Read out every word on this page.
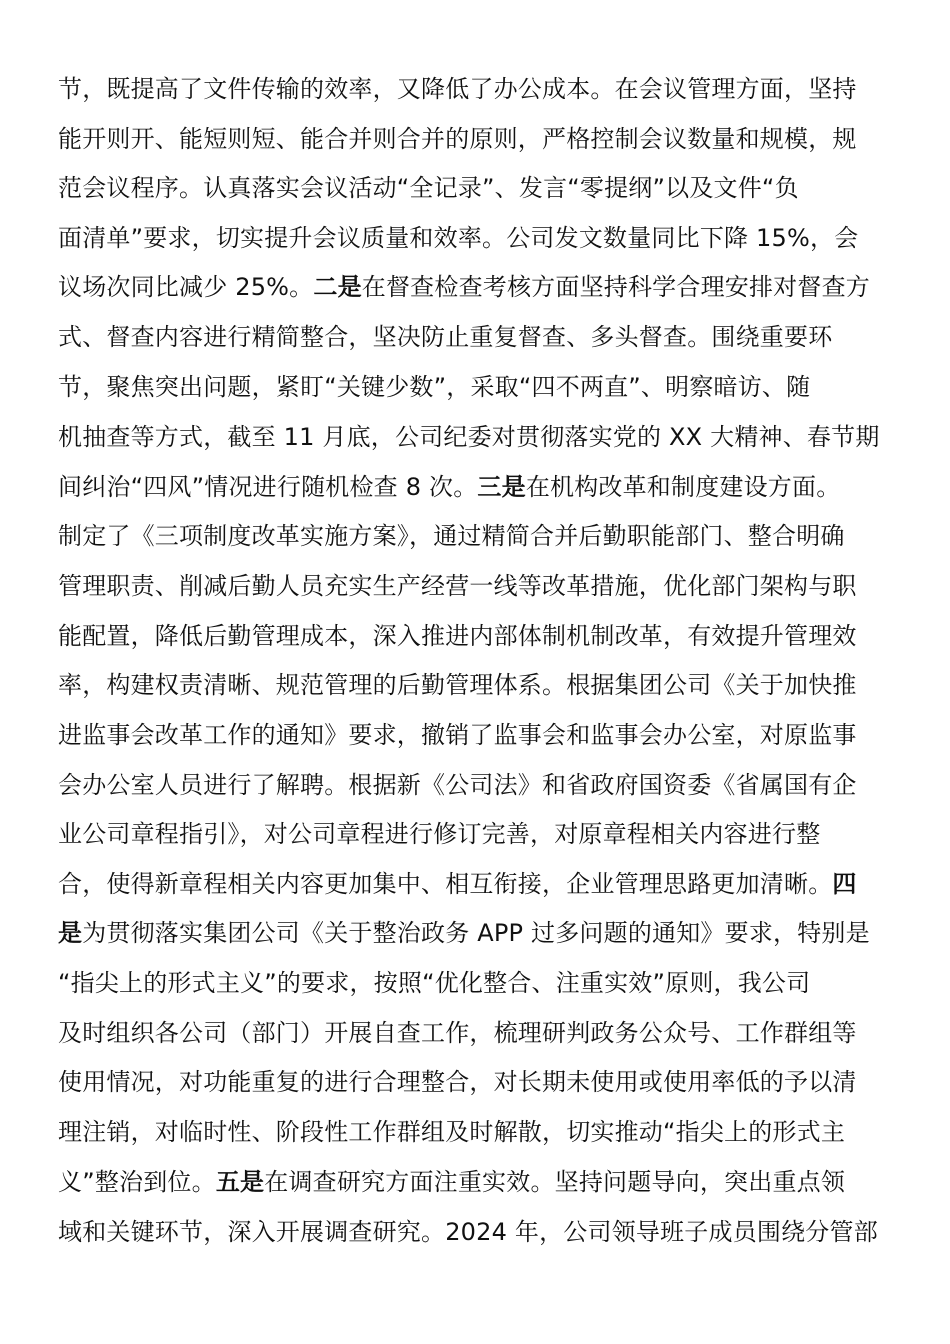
节，既提高了文件传输的效率，又降低了办公成本。在会议管理方面，坚持
能开则开、能短则短、能合并则合并的原则，严格控制会议数量和规模，规
范会议程序。认真落实会议活动“全记录”、发言“零提纲”以及文件“负
面清单”要求，切实提升会议质量和效率。公司发文数量同比下降 15%，会
议场次同比减少 25%。二是在督查检查考核方面坚持科学合理安排对督查方
式、督查内容进行精简整合，坚决防止重复督查、多头督查。围绕重要环
节，聚焦突出问题，紧盯“关键少数”，采取“四不两直”、明察暗访、随
机抽查等方式，截至 11 月底，公司纪委对贯彻落实党的 XX 大精神、春节期
间纠治“四风”情况进行随机检查 8 次。三是在机构改革和制度建设方面。
制定了《三项制度改革实施方案》，通过精简合并后勤职能部门、整合明确
管理职责、削减后勤人员充实生产经营一线等改革措施，优化部门架构与职
能配置，降低后勤管理成本，深入推进内部体制机制改革，有效提升管理效
率，构建权责清晰、规范管理的后勤管理体系。根据集团公司《关于加快推
进监事会改革工作的通知》要求，撤销了监事会和监事会办公室，对原监事
会办公室人员进行了解聘。根据新《公司法》和省政府国资委《省属国有企
业公司章程指引》，对公司章程进行修订完善，对原章程相关内容进行整
合，使得新章程相关内容更加集中、相互衔接，企业管理思路更加清晰。四
是为贯彻落实集团公司《关于整治政务 APP 过多问题的通知》要求，特别是
“指尖上的形式主义”的要求，按照“优化整合、注重实效”原则，我公司
及时组织各公司（部门）开展自查工作，梳理研判政务公众号、工作群组等
使用情况，对功能重复的进行合理整合，对长期未使用或使用率低的予以清
理注销，对临时性、阶段性工作群组及时解散，切实推动“指尖上的形式主
义”整治到位。五是在调查研究方面注重实效。坚持问题导向，突出重点领
域和关键环节，深入开展调查研究。2024 年，公司领导班子成员围绕分管部
